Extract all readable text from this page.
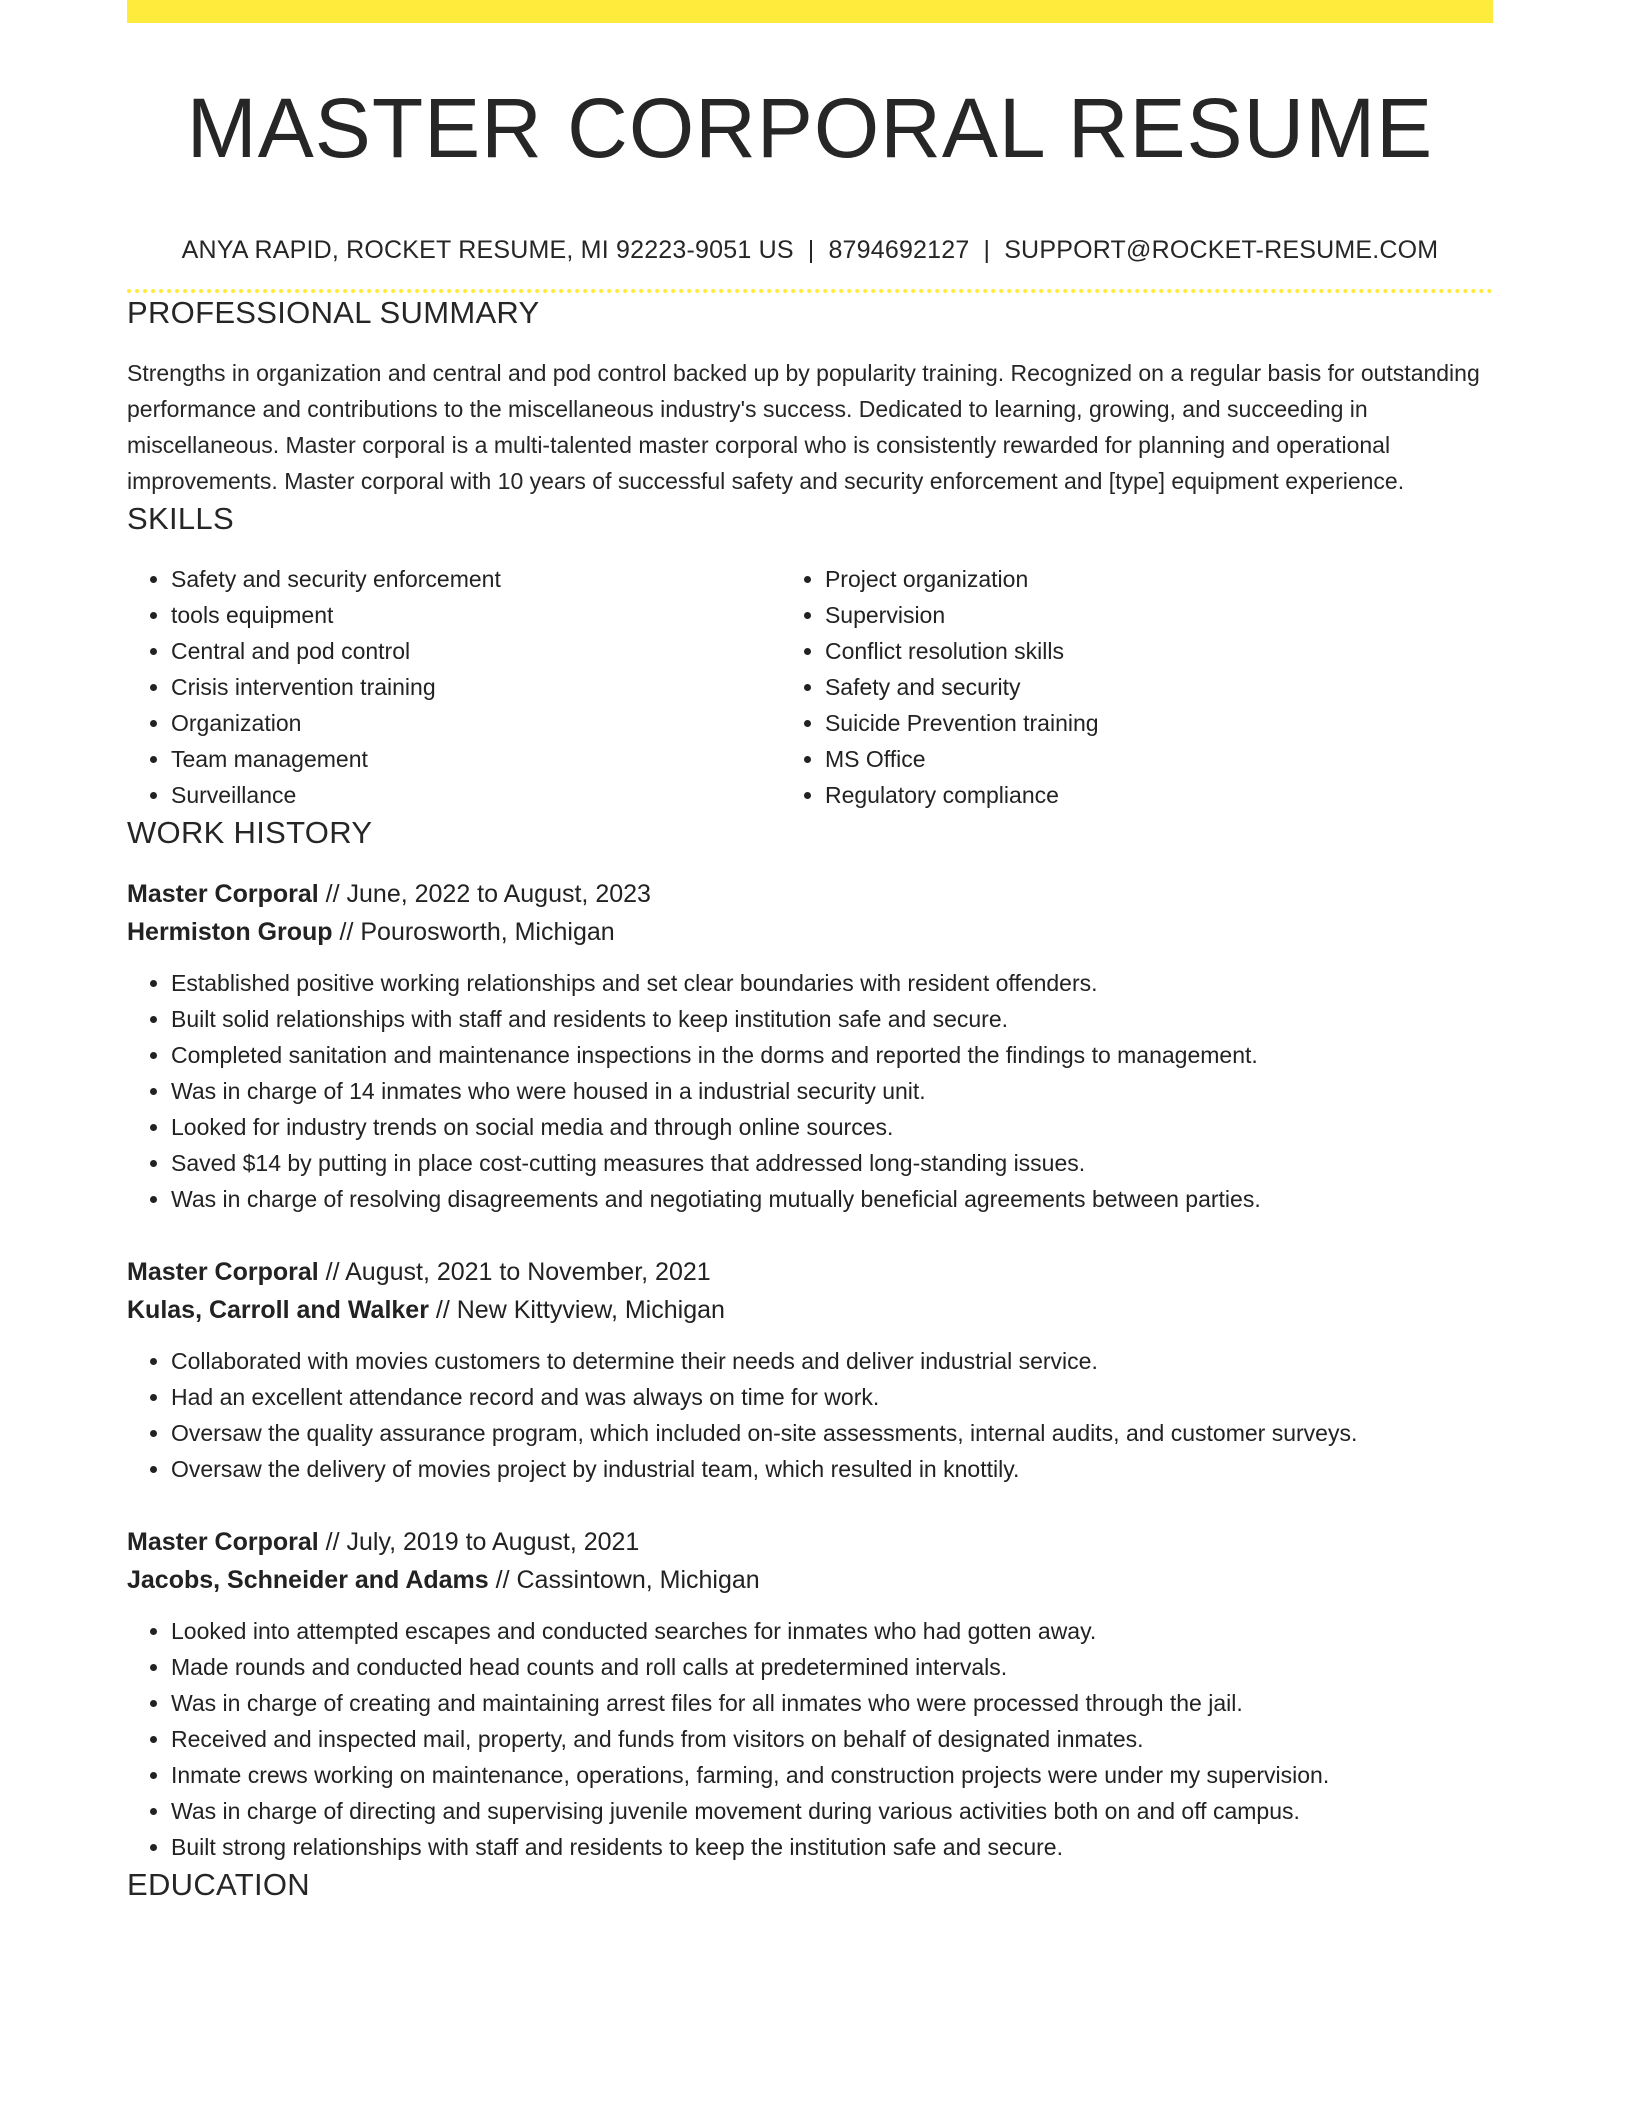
MASTER CORPORAL RESUME
ANYA RAPID, ROCKET RESUME, MI 92223-9051 US | 8794692127 | SUPPORT@ROCKET-RESUME.COM
PROFESSIONAL SUMMARY

Strengths in organization and central and pod control backed up by popularity training. Recognized on a regular basis for outstanding performance and contributions to the miscellaneous industry's success. Dedicated to learning, growing, and succeeding in miscellaneous. Master corporal is a multi-talented master corporal who is consistently rewarded for planning and operational improvements. Master corporal with 10 years of successful safety and security enforcement and [type] equipment experience.

SKILLS
• Safety and security enforcement
• tools equipment
• Central and pod control
• Crisis intervention training
• Organization
• Team management
• Surveillance
• Project organization
• Supervision
• Conflict resolution skills
• Safety and security
• Suicide Prevention training
• MS Office
• Regulatory compliance
WORK HISTORY
Master Corporal // June, 2022 to August, 2023
Hermiston Group // Pourosworth, Michigan
• Established positive working relationships and set clear boundaries with resident offenders.
• Built solid relationships with staff and residents to keep institution safe and secure.
• Completed sanitation and maintenance inspections in the dorms and reported the findings to management.
• Was in charge of 14 inmates who were housed in a industrial security unit.
• Looked for industry trends on social media and through online sources.
• Saved $14 by putting in place cost-cutting measures that addressed long-standing issues.
• Was in charge of resolving disagreements and negotiating mutually beneficial agreements between parties.
Master Corporal // August, 2021 to November, 2021
Kulas, Carroll and Walker // New Kittyview, Michigan
• Collaborated with movies customers to determine their needs and deliver industrial service.
• Had an excellent attendance record and was always on time for work.
• Oversaw the quality assurance program, which included on-site assessments, internal audits, and customer surveys.
• Oversaw the delivery of movies project by industrial team, which resulted in knottily.
Master Corporal // July, 2019 to August, 2021
Jacobs, Schneider and Adams // Cassintown, Michigan
• Looked into attempted escapes and conducted searches for inmates who had gotten away.
• Made rounds and conducted head counts and roll calls at predetermined intervals.
• Was in charge of creating and maintaining arrest files for all inmates who were processed through the jail.
• Received and inspected mail, property, and funds from visitors on behalf of designated inmates.
• Inmate crews working on maintenance, operations, farming, and construction projects were under my supervision.
• Was in charge of directing and supervising juvenile movement during various activities both on and off campus.
• Built strong relationships with staff and residents to keep the institution safe and secure.
EDUCATION
